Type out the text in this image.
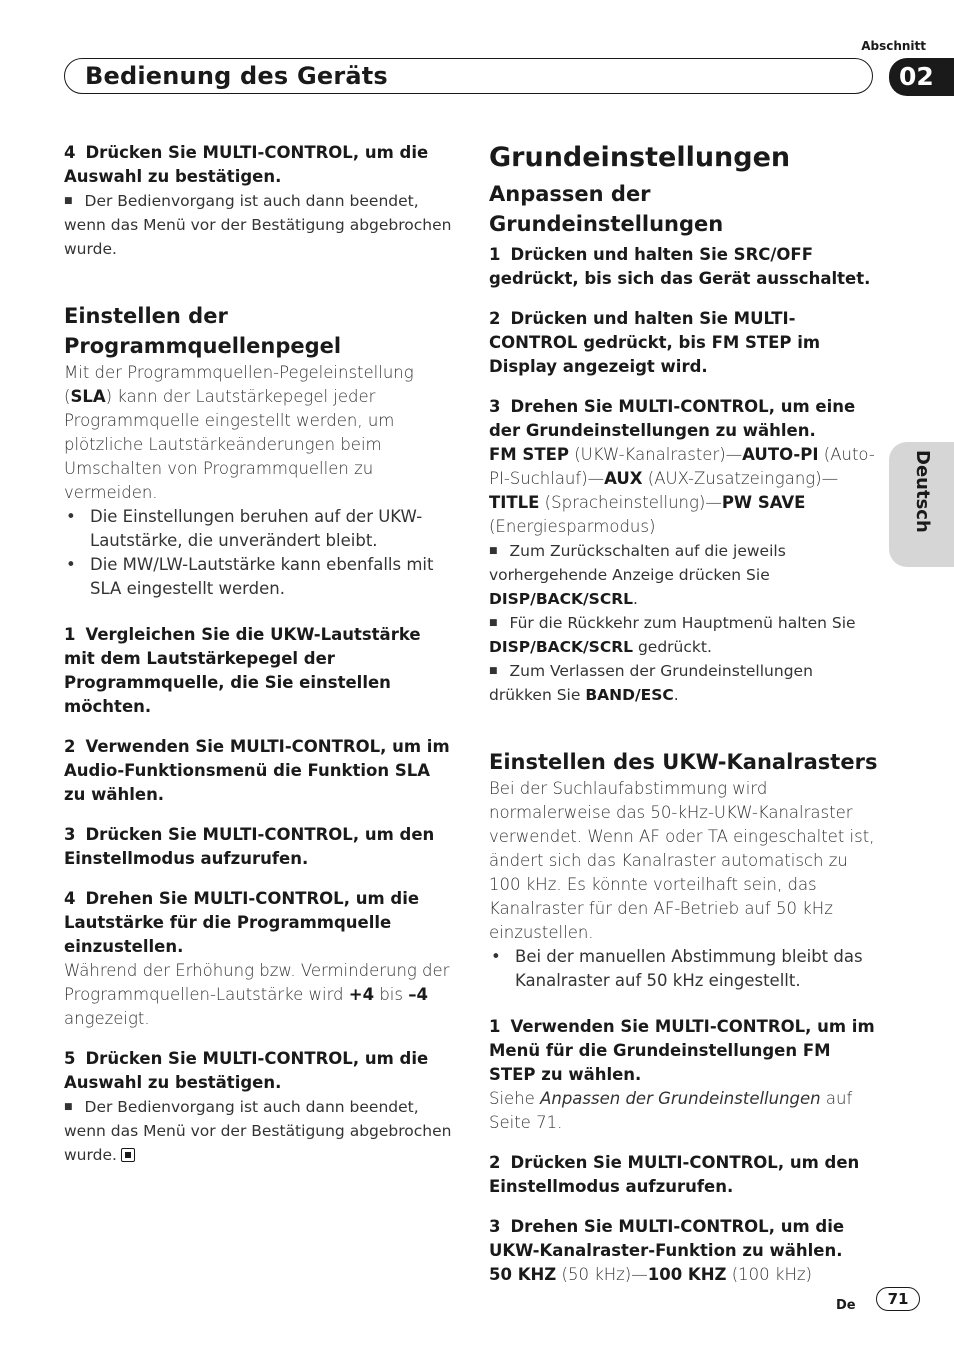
Abschnitt
Bedienung des Geräts	02
Deutsch

4 Drücken Sie MULTI-CONTROL, um die Auswahl zu bestätigen.

■ Der Bedienvorgang ist auch dann beendet, wenn das Menü vor der Bestätigung abgebrochen wurde.

Einstellen der Programmquellenpegel

Mit der Programmquellen-Pegeleinstellung (SLA) kann der Lautstärkepegel jeder Programmquelle eingestellt werden, um plötzliche Lautstärkeänderungen beim Umschalten von Programmquellen zu vermeiden.

• Die Einstellungen beruhen auf der UKW-Lautstärke, die unverändert bleibt.

• Die MW/LW-Lautstärke kann ebenfalls mit SLA eingestellt werden.

1 Vergleichen Sie die UKW-Lautstärke mit dem Lautstärkepegel der Programmquelle, die Sie einstellen möchten.

2 Verwenden Sie MULTI-CONTROL, um im Audio-Funktionsmenü die Funktion SLA zu wählen.

3 Drücken Sie MULTI-CONTROL, um den Einstellmodus aufzurufen.

4 Drehen Sie MULTI-CONTROL, um die Lautstärke für die Programmquelle einzustellen.

Während der Erhöhung bzw. Verminderung der Programmquellen-Lautstärke wird +4 bis –4 angezeigt.

5 Drücken Sie MULTI-CONTROL, um die Auswahl zu bestätigen.

■ Der Bedienvorgang ist auch dann beendet, wenn das Menü vor der Bestätigung abgebrochen wurde.

Grundeinstellungen

Anpassen der Grundeinstellungen

1 Drücken und halten Sie SRC/OFF gedrückt, bis sich das Gerät ausschaltet.

2 Drücken und halten Sie MULTI-CONTROL gedrückt, bis FM STEP im Display angezeigt wird.

3 Drehen Sie MULTI-CONTROL, um eine der Grundeinstellungen zu wählen.

FM STEP (UKW-Kanalraster)—AUTO-PI (Auto-PI-Suchlauf)—AUX (AUX-Zusatzeingang)—TITLE (Spracheinstellung)—PW SAVE (Energiesparmodus)

■ Zum Zurückschalten auf die jeweils vorhergehende Anzeige drücken Sie DISP/BACK/SCRL.

■ Für die Rückkehr zum Hauptmenü halten Sie DISP/BACK/SCRL gedrückt.

■ Zum Verlassen der Grundeinstellungen drükken Sie BAND/ESC.

Einstellen des UKW-Kanalrasters

Bei der Suchlaufabstimmung wird normalerweise das 50-kHz-UKW-Kanalraster verwendet. Wenn AF oder TA eingeschaltet ist, ändert sich das Kanalraster automatisch zu 100 kHz. Es könnte vorteilhaft sein, das Kanalraster für den AF-Betrieb auf 50 kHz einzustellen.

• Bei der manuellen Abstimmung bleibt das Kanalraster auf 50 kHz eingestellt.

1 Verwenden Sie MULTI-CONTROL, um im Menü für die Grundeinstellungen FM STEP zu wählen.

Siehe Anpassen der Grundeinstellungen auf Seite 71.

2 Drücken Sie MULTI-CONTROL, um den Einstellmodus aufzurufen.

3 Drehen Sie MULTI-CONTROL, um die UKW-Kanalraster-Funktion zu wählen.

50 KHZ (50 kHz)—100 KHZ (100 kHz)

De	71
